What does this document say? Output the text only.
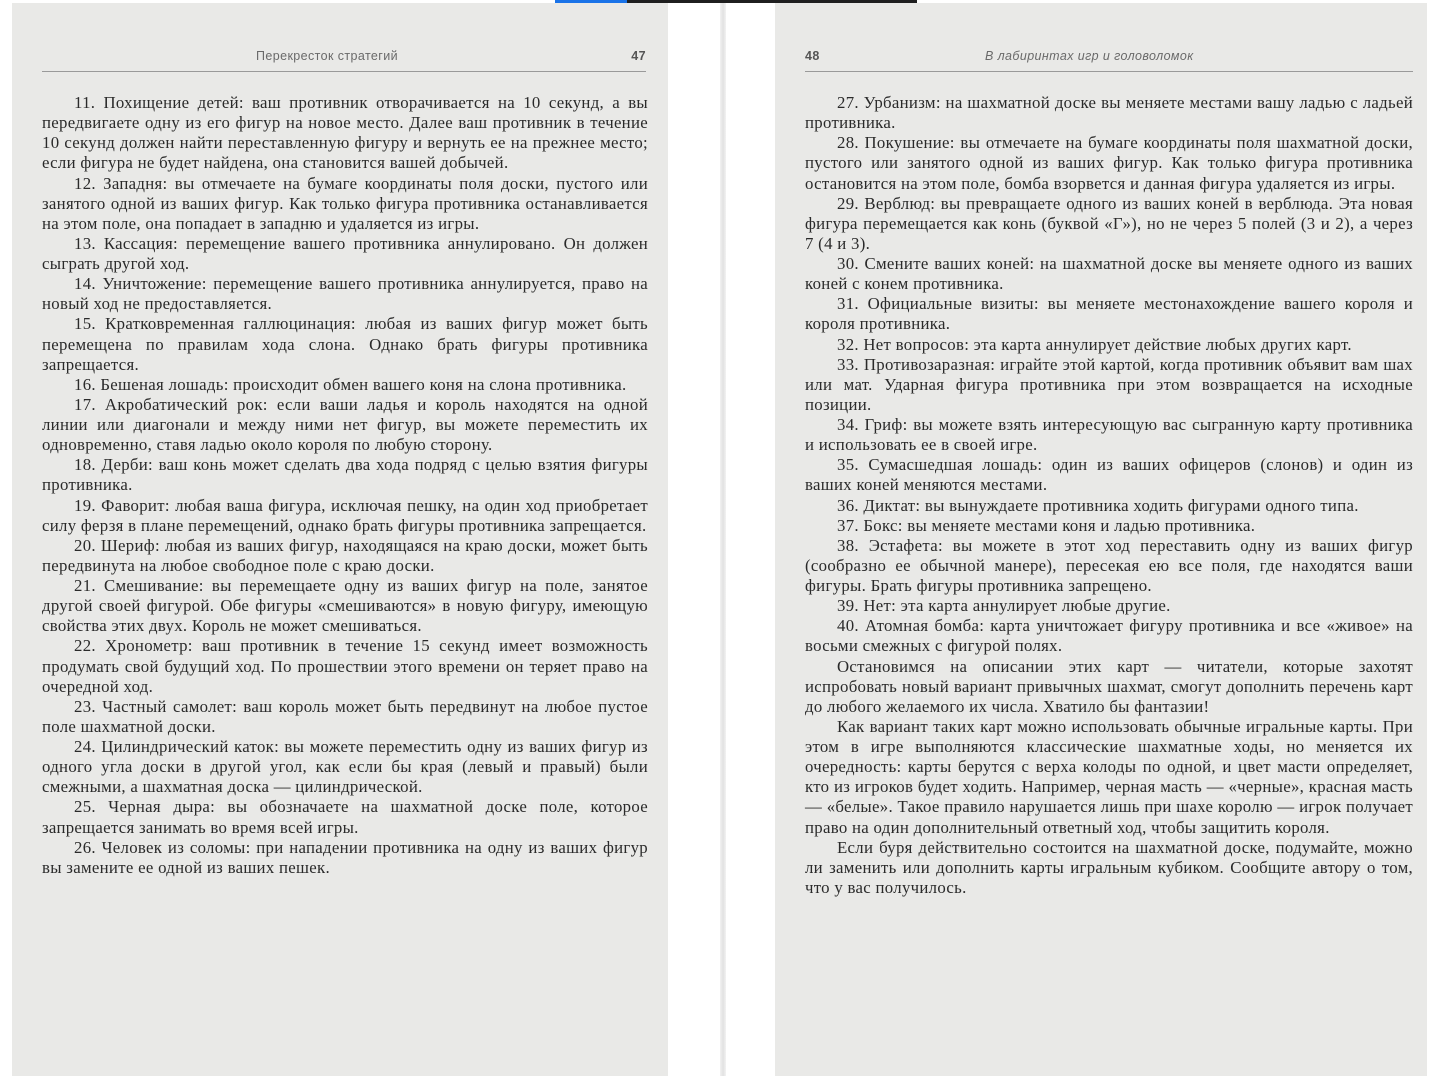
Перекресток стратегий	47

11. Похищение детей: ваш противник отворачивается на 10 секунд, а вы передвигаете одну из его фигур на новое место. Далее ваш противник в течение 10 секунд должен найти переставленную фигуру и вернуть ее на прежнее место; если фигура не будет найдена, она становится вашей добычей.

12. Западня: вы отмечаете на бумаге координаты поля доски, пустого или занятого одной из ваших фигур. Как только фигура противника останавливается на этом поле, она попадает в западню и удаляется из игры.

13. Кассация: перемещение вашего противника аннулировано. Он должен сыграть другой ход.

14. Уничтожение: перемещение вашего противника аннулируется, право на новый ход не предоставляется.

15. Кратковременная галлюцинация: любая из ваших фигур может быть перемещена по правилам хода слона. Однако брать фигуры противника запрещается.

16. Бешеная лошадь: происходит обмен вашего коня на слона противника.

17. Акробатический рок: если ваши ладья и король находятся на одной линии или диагонали и между ними нет фигур, вы можете переместить их одновременно, ставя ладью около короля по любую сторону.

18. Дерби: ваш конь может сделать два хода подряд с целью взятия фигуры противника.

19. Фаворит: любая ваша фигура, исключая пешку, на один ход приобретает силу ферзя в плане перемещений, однако брать фигуры противника запрещается.

20. Шериф: любая из ваших фигур, находящаяся на краю доски, может быть передвинута на любое свободное поле с краю доски.

21. Смешивание: вы перемещаете одну из ваших фигур на поле, занятое другой своей фигурой. Обе фигуры «смешиваются» в новую фигуру, имеющую свойства этих двух. Король не может смешиваться.

22. Хронометр: ваш противник в течение 15 секунд имеет возможность продумать свой будущий ход. По прошествии этого времени он теряет право на очередной ход.

23. Частный самолет: ваш король может быть передвинут на любое пустое поле шахматной доски.

24. Цилиндрический каток: вы можете переместить одну из ваших фигур из одного угла доски в другой угол, как если бы края (левый и правый) были смежными, а шахматная доска — цилиндрической.

25. Черная дыра: вы обозначаете на шахматной доске поле, которое запрещается занимать во время всей игры.

26. Человек из соломы: при нападении противника на одну из ваших фигур вы замените ее одной из ваших пешек.

48	В лабиринтах игр и головоломок

27. Урбанизм: на шахматной доске вы меняете местами вашу ладью с ладьей противника.

28. Покушение: вы отмечаете на бумаге координаты поля шахматной доски, пустого или занятого одной из ваших фигур. Как только фигура противника остановится на этом поле, бомба взорвется и данная фигура удаляется из игры.

29. Верблюд: вы превращаете одного из ваших коней в верблюда. Эта новая фигура перемещается как конь (буквой «Г»), но не через 5 полей (3 и 2), а через 7 (4 и 3).

30. Смените ваших коней: на шахматной доске вы меняете одного из ваших коней с конем противника.

31. Официальные визиты: вы меняете местонахождение вашего короля и короля противника.

32. Нет вопросов: эта карта аннулирует действие любых других карт.

33. Противозаразная: играйте этой картой, когда противник объявит вам шах или мат. Ударная фигура противника при этом возвращается на исходные позиции.

34. Гриф: вы можете взять интересующую вас сыгранную карту противника и использовать ее в своей игре.

35. Сумасшедшая лошадь: один из ваших офицеров (слонов) и один из ваших коней меняются местами.

36. Диктат: вы вынуждаете противника ходить фигурами одного типа.

37. Бокс: вы меняете местами коня и ладью противника.

38. Эстафета: вы можете в этот ход переставить одну из ваших фигур (сообразно ее обычной манере), пересекая ею все поля, где находятся ваши фигуры. Брать фигуры противника запрещено.

39. Нет: эта карта аннулирует любые другие.

40. Атомная бомба: карта уничтожает фигуру противника и все «живое» на восьми смежных с фигурой полях.

Остановимся на описании этих карт — читатели, которые захотят испробовать новый вариант привычных шахмат, смогут дополнить перечень карт до любого желаемого их числа. Хватило бы фантазии!

Как вариант таких карт можно использовать обычные игральные карты. При этом в игре выполняются классические шахматные ходы, но меняется их очередность: карты берутся с верха колоды по одной, и цвет масти определяет, кто из игроков будет ходить. Например, черная масть — «черные», красная масть — «белые». Такое правило нарушается лишь при шахе королю — игрок получает право на один дополнительный ответный ход, чтобы защитить короля.

Если буря действительно состоится на шахматной доске, подумайте, можно ли заменить или дополнить карты игральным кубиком. Сообщите автору о том, что у вас получилось.
